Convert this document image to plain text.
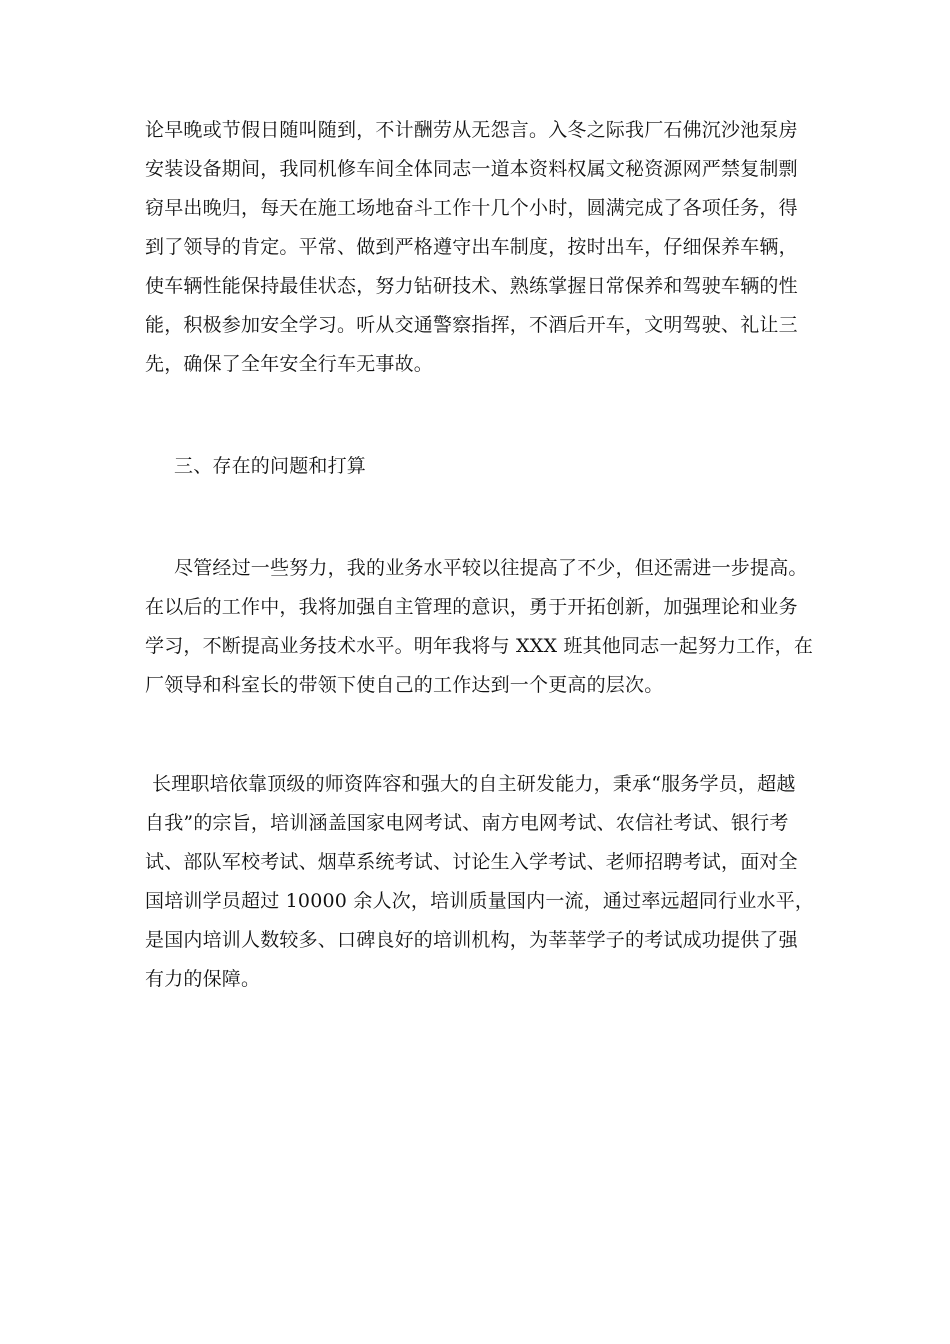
论早晚或节假日随叫随到，不计酬劳从无怨言。入冬之际我厂石佛沉沙池泵房

安装设备期间，我同机修车间全体同志一道本资料权属文秘资源网严禁复制剽

窃早出晚归，每天在施工场地奋斗工作十几个小时，圆满完成了各项任务，得

到了领导的肯定。平常、做到严格遵守出车制度，按时出车，仔细保养车辆，

使车辆性能保持最佳状态，努力钻研技术、熟练掌握日常保养和驾驶车辆的性

能，积极参加安全学习。听从交通警察指挥，不酒后开车，文明驾驶、礼让三

先，确保了全年安全行车无事故。

三、存在的问题和打算

尽管经过一些努力，我的业务水平较以往提高了不少，但还需进一步提高。

在以后的工作中，我将加强自主管理的意识，勇于开拓创新，加强理论和业务

学习，不断提高业务技术水平。明年我将与 XXX 班其他同志一起努力工作，在

厂领导和科室长的带领下使自己的工作达到一个更高的层次。

长理职培依靠顶级的师资阵容和强大的自主研发能力，秉承“服务学员，超越

自我”的宗旨，培训涵盖国家电网考试、南方电网考试、农信社考试、银行考

试、部队军校考试、烟草系统考试、讨论生入学考试、老师招聘考试，面对全

国培训学员超过 10000 余人次，培训质量国内一流，通过率远超同行业水平，

是国内培训人数较多、口碑良好的培训机构，为莘莘学子的考试成功提供了强

有力的保障。
